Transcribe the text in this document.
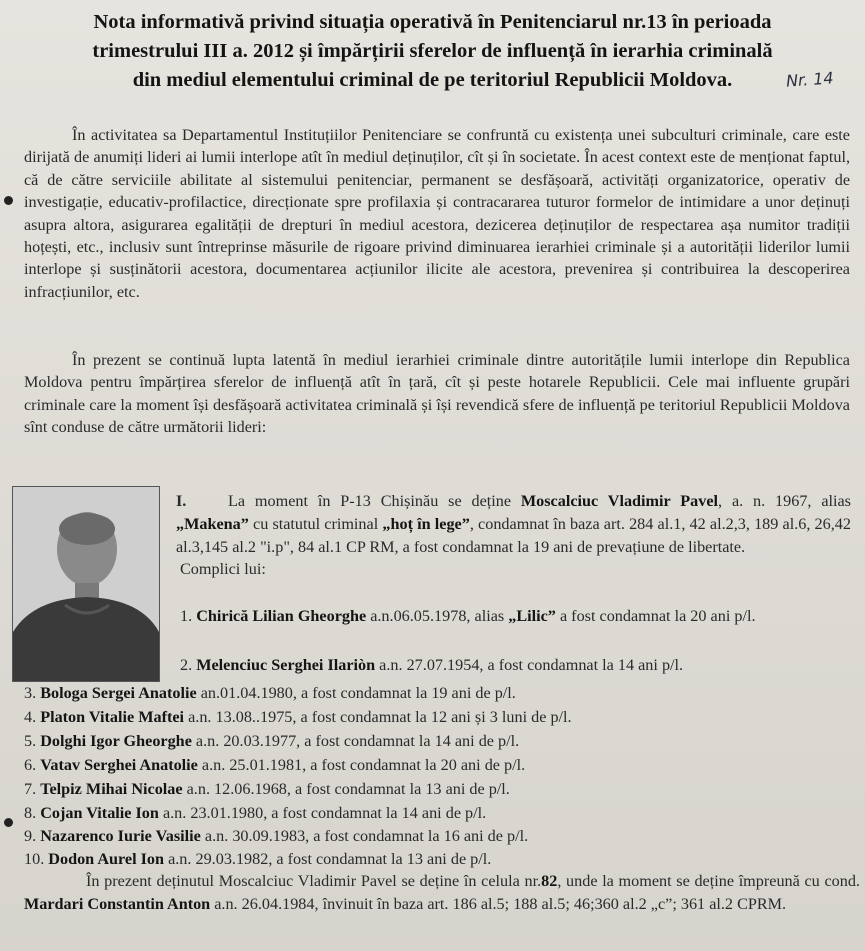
Nota informativă privind situația operativă în Penitenciarul nr.13 în perioada
trimestrului III a. 2012 și împărțirii sferelor de influență în ierarhia criminală
din mediul elementului criminal de pe teritoriul Republicii Moldova.	Nr. 14
În activitatea sa Departamentul Instituțiilor Penitenciare se confruntă cu existența unei subculturi criminale, care este dirijată de anumiți lideri ai lumii interlope atît în mediul deținuților, cît și în societate. În acest context este de menționat faptul, că de către serviciile abilitate al sistemului penitenciar, permanent se desfășoară, activități organizatorice, operativ de investigație, educativ-profilactice, direcționate spre profilaxia și contracararea tuturor formelor de intimidare a unor deținuți asupra altora, asigurarea egalității de drepturi în mediul acestora, dezicerea deținuților de respectarea așa numitor tradiții hoțești, etc., inclusiv sunt întreprinse măsurile de rigoare privind diminuarea ierarhiei criminale și a autorității liderilor lumii interlope și susținătorii acestora, documentarea acțiunilor ilicite ale acestora, prevenirea și contribuirea la descoperirea infracțiunilor, etc.
În prezent se continuă lupta latentă în mediul ierarhiei criminale dintre autoritățile lumii interlope din Republica Moldova pentru împărțirea sferelor de influență atît în țară, cît și peste hotarele Republicii. Cele mai influente grupări criminale care la moment își desfășoară activitatea criminală și își revendică sfere de influență pe teritoriul Republicii Moldova sînt conduse de către următorii lideri:
I.	La moment în P-13 Chișinău se deține Moscalciuc Vladimir Pavel, a. n. 1967, alias „Makena” cu statutul criminal „hoț în lege”, condamnat în baza art. 284 al.1, 42 al.2,3, 189 al.6, 26,42 al.3,145 al.2 "i.p", 84 al.1 CP RM, a fost condamnat la 19 ani de prevațiune de libertate.
Complici lui:
1. Chirică Lilian Gheorghe a.n.06.05.1978, alias „Lilic” a fost condamnat la 20 ani p/l.
2. Melenciuc Serghei Ilariòn a.n. 27.07.1954, a fost condamnat la 14 ani p/l.
3. Bologa Sergei Anatolie an.01.04.1980, a fost condamnat la 19 ani de p/l.
4. Platon Vitalie Maftei a.n. 13.08..1975, a fost condamnat la 12 ani și 3 luni de p/l.
5. Dolghi Igor Gheorghe a.n. 20.03.1977, a fost condamnat la 14 ani de p/l.
6. Vatav Serghei Anatolie a.n. 25.01.1981, a fost condamnat la 20 ani de p/l.
7. Telpiz Mihai Nicolae a.n. 12.06.1968, a fost condamnat la 13 ani de p/l.
8. Cojan Vitalie Ion a.n. 23.01.1980, a fost condamnat la 14 ani de p/l.
9. Nazarenco Iurie Vasilie a.n. 30.09.1983, a fost condamnat la 16 ani de p/l.
10. Dodon Aurel Ion a.n. 29.03.1982, a fost condamnat la 13 ani de p/l.
În prezent deținutul Moscalciuc Vladimir Pavel se deține în celula nr.82, unde la moment se deține împreună cu cond. Mardari Constantin Anton a.n. 26.04.1984, învinuit în baza art. 186 al.5; 188 al.5; 46;360 al.2 „c”; 361 al.2 CPRM.
